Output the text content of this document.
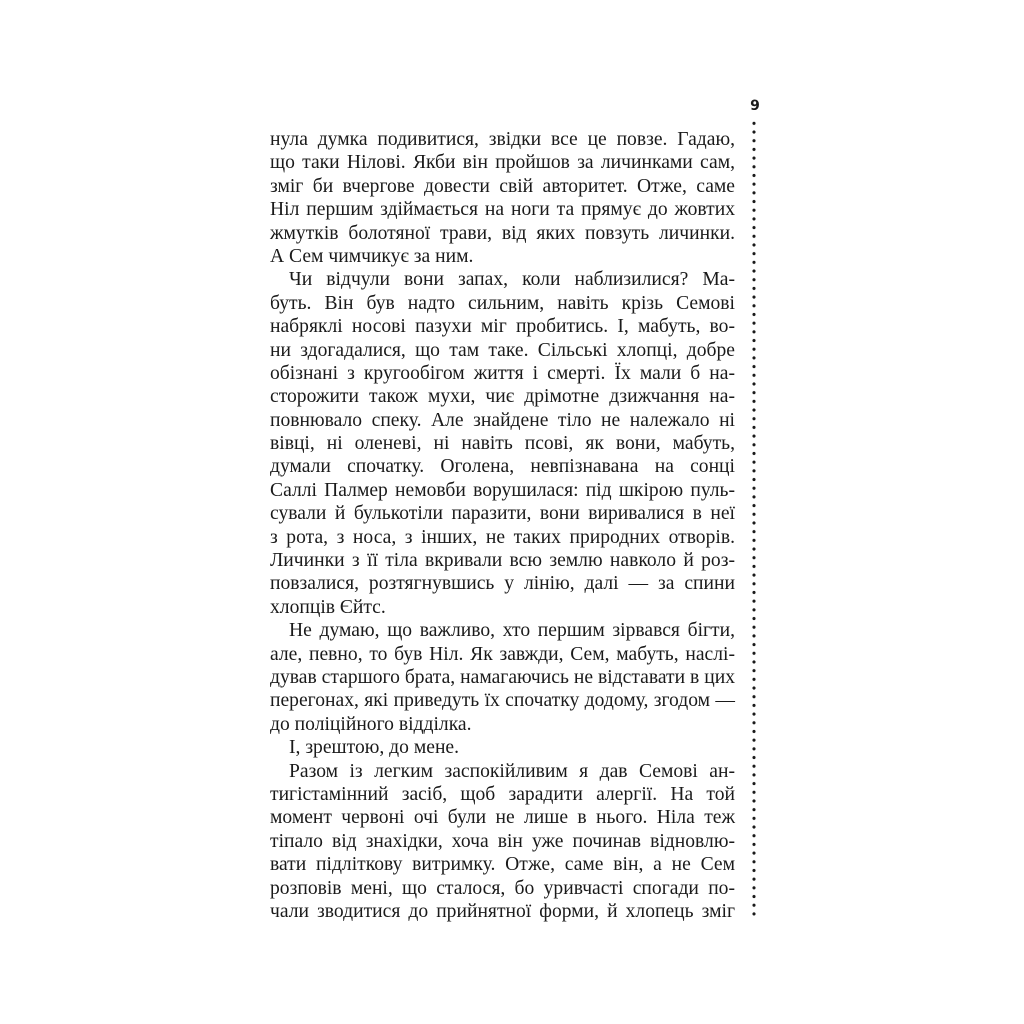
9
нула думка подивитися, звідки все це повзе. Гадаю,
що таки Нілові. Якби він пройшов за личинками сам,
зміг би вчергове довести свій авторитет. Отже, саме
Ніл першим здіймається на ноги та прямує до жовтих
жмутків болотяної трави, від яких повзуть личинки.
А Сем чимчикує за ним.
Чи відчули вони запах, коли наблизилися? Ма-
буть. Він був надто сильним, навіть крізь Семові
набряклі носові пазухи міг пробитись. І, мабуть, во-
ни здогадалися, що там таке. Сільські хлопці, добре
обізнані з кругообігом життя і смерті. Їх мали б на-
сторожити також мухи, чиє дрімотне дзижчання на-
повнювало спеку. Але знайдене тіло не належало ні
вівці, ні оленеві, ні навіть псові, як вони, мабуть,
думали спочатку. Оголена, невпізнавана на сонці
Саллі Палмер немовби ворушилася: під шкірою пуль-
сували й булькотіли паразити, вони виривалися в неї
з рота, з носа, з інших, не таких природних отворів.
Личинки з її тіла вкривали всю землю навколо й роз-
повзалися, розтягнувшись у лінію, далі — за спини
хлопців Єйтс.
Не думаю, що важливо, хто першим зірвався бігти,
але, певно, то був Ніл. Як завжди, Сем, мабуть, наслі-
дував старшого брата, намагаючись не відставати в цих
перегонах, які приведуть їх спочатку додому, згодом —
до поліційного відділка.
І, зрештою, до мене.
Разом із легким заспокійливим я дав Семові ан-
тигістамінний засіб, щоб зарадити алергії. На той
момент червоні очі були не лише в нього. Ніла теж
тіпало від знахідки, хоча він уже починав відновлю-
вати підліткову витримку. Отже, саме він, а не Сем
розповів мені, що сталося, бо уривчасті спогади по-
чали зводитися до прийнятної форми, й хлопець зміг
